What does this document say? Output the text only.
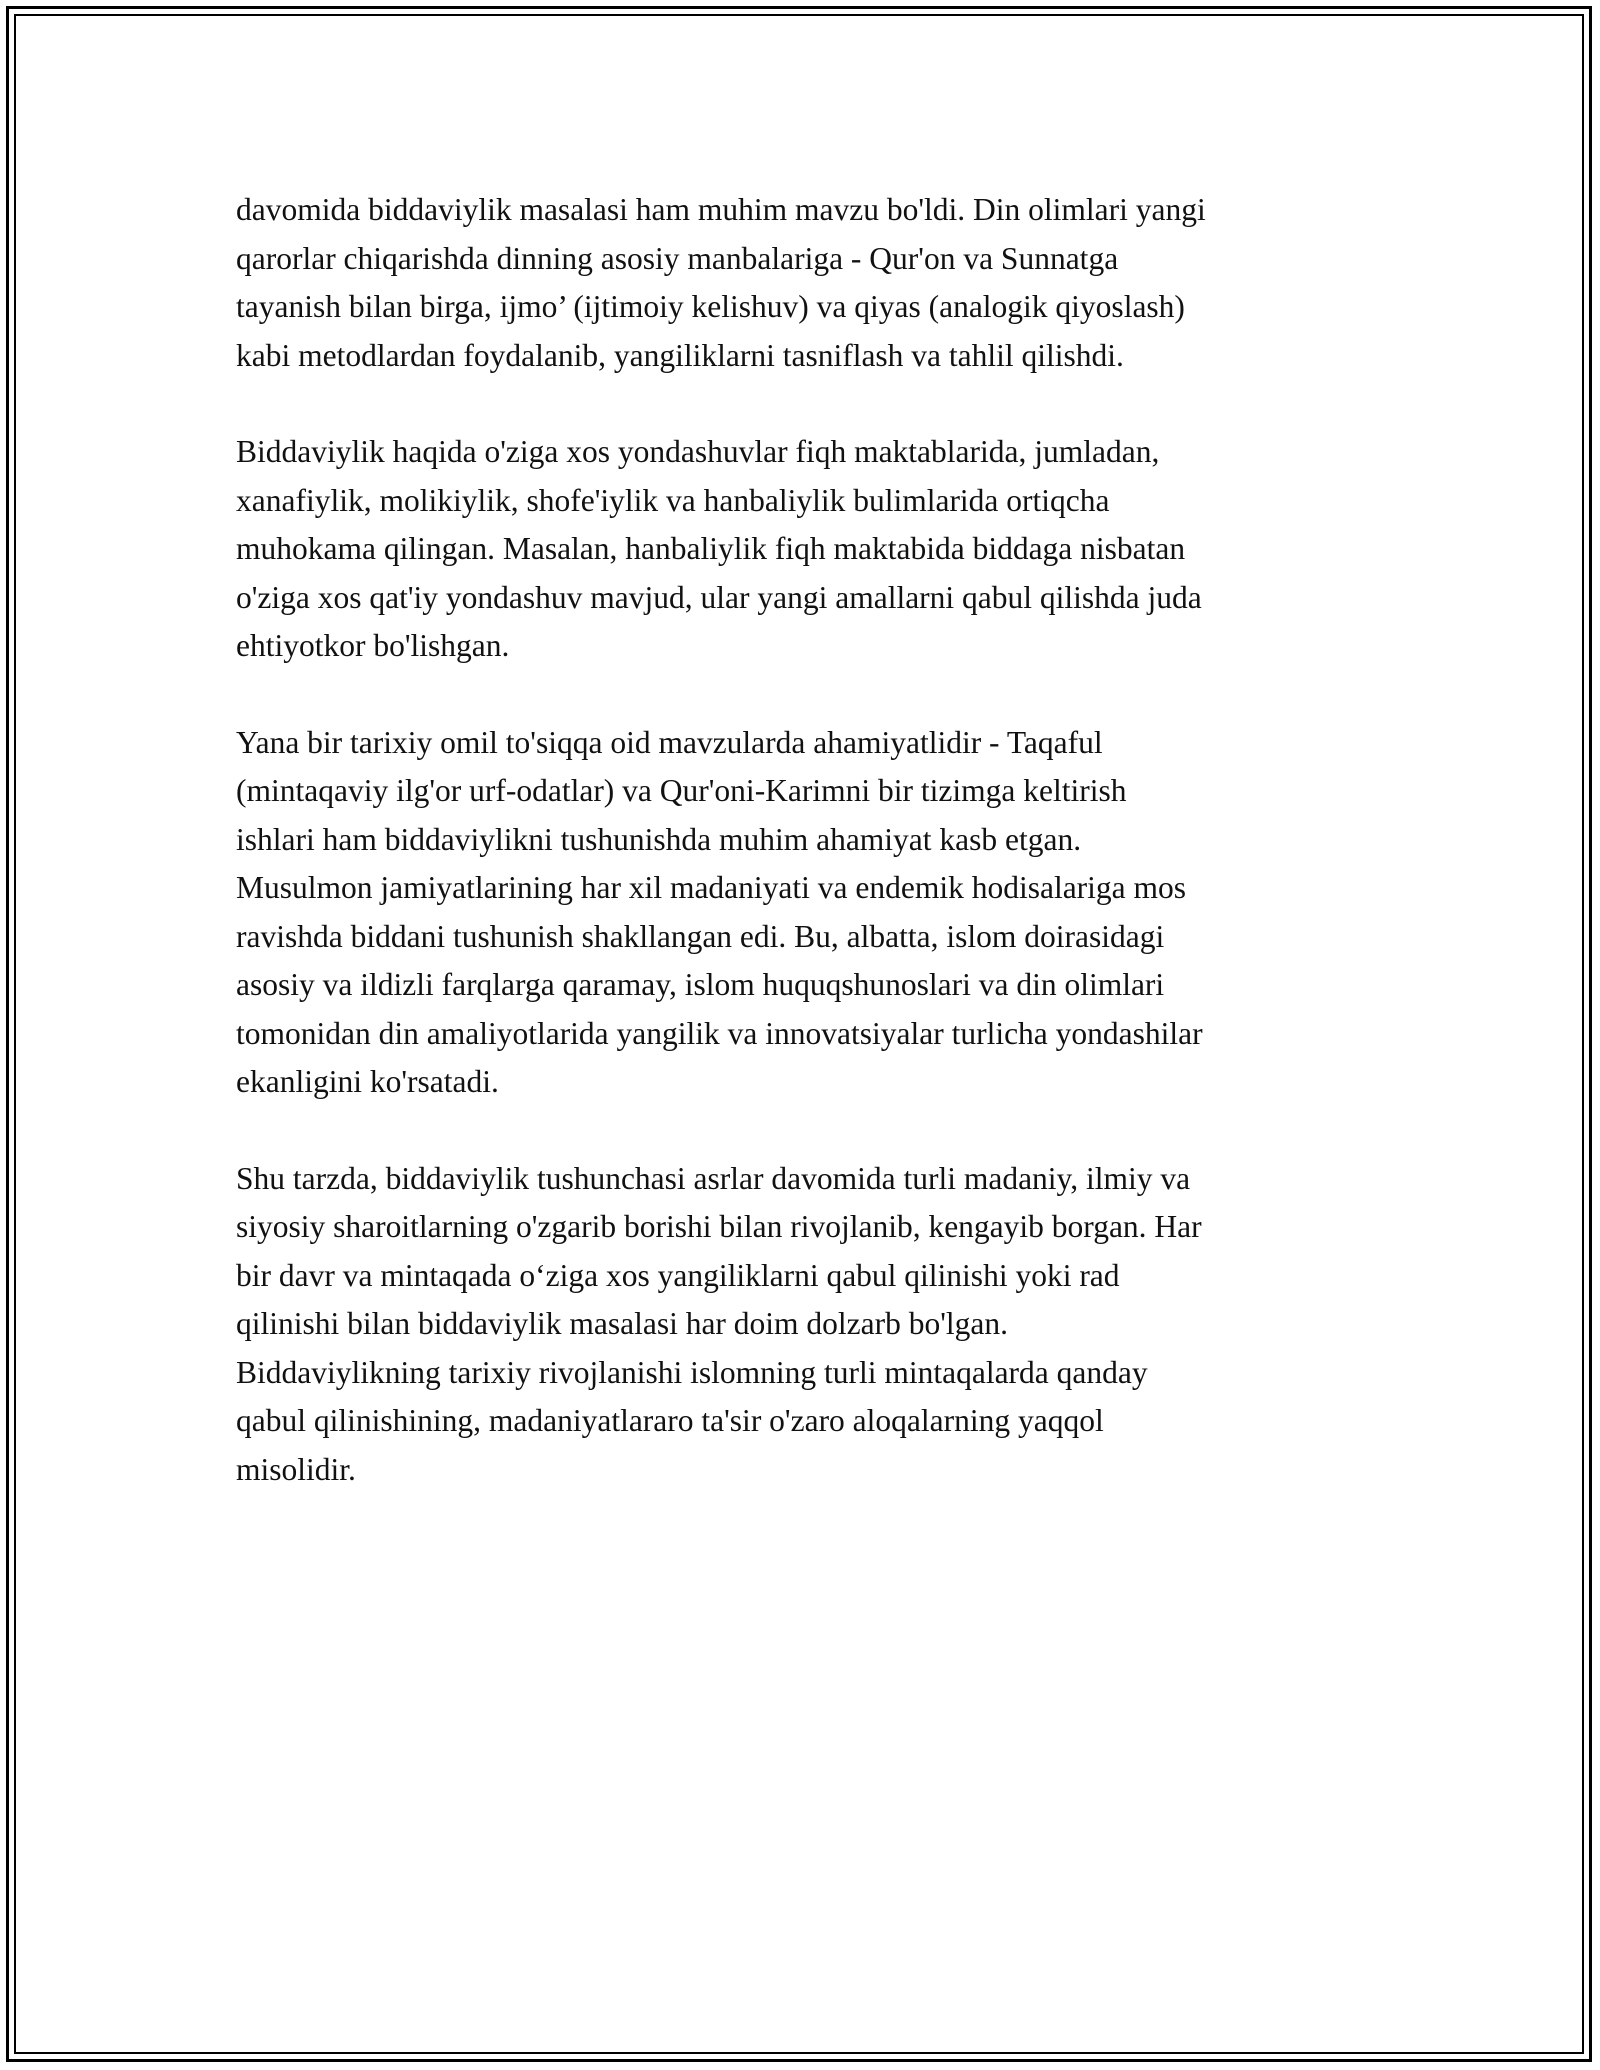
davomida biddaviylik masalasi ham muhim mavzu bo'ldi. Din olimlari yangi
qarorlar chiqarishda dinning asosiy manbalariga - Qur'on va Sunnatga
tayanish bilan birga, ijmo’ (ijtimoiy kelishuv) va qiyas (analogik qiyoslash)
kabi metodlardan foydalanib, yangiliklarni tasniflash va tahlil qilishdi.

Biddaviylik haqida o'ziga xos yondashuvlar fiqh maktablarida, jumladan,
xanafiylik, molikiylik, shofe'iylik va hanbaliylik bulimlarida ortiqcha
muhokama qilingan. Masalan, hanbaliylik fiqh maktabida biddaga nisbatan
o'ziga xos qat'iy yondashuv mavjud, ular yangi amallarni qabul qilishda juda
ehtiyotkor bo'lishgan.

Yana bir tarixiy omil to'siqqa oid mavzularda ahamiyatlidir - Taqaful
(mintaqaviy ilg'or urf-odatlar) va Qur'oni-Karimni bir tizimga keltirish
ishlari ham biddaviylikni tushunishda muhim ahamiyat kasb etgan.
Musulmon jamiyatlarining har xil madaniyati va endemik hodisalariga mos
ravishda biddani tushunish shakllangan edi. Bu, albatta, islom doirasidagi
asosiy va ildizli farqlarga qaramay, islom huquqshunoslari va din olimlari
tomonidan din amaliyotlarida yangilik va innovatsiyalar turlicha yondashilar
ekanligini ko'rsatadi.

Shu tarzda, biddaviylik tushunchasi asrlar davomida turli madaniy, ilmiy va
siyosiy sharoitlarning o'zgarib borishi bilan rivojlanib, kengayib borgan. Har
bir davr va mintaqada o‘ziga xos yangiliklarni qabul qilinishi yoki rad
qilinishi bilan biddaviylik masalasi har doim dolzarb bo'lgan.
Biddaviylikning tarixiy rivojlanishi islomning turli mintaqalarda qanday
qabul qilinishining, madaniyatlararo ta'sir o'zaro aloqalarning yaqqol
misolidir.
